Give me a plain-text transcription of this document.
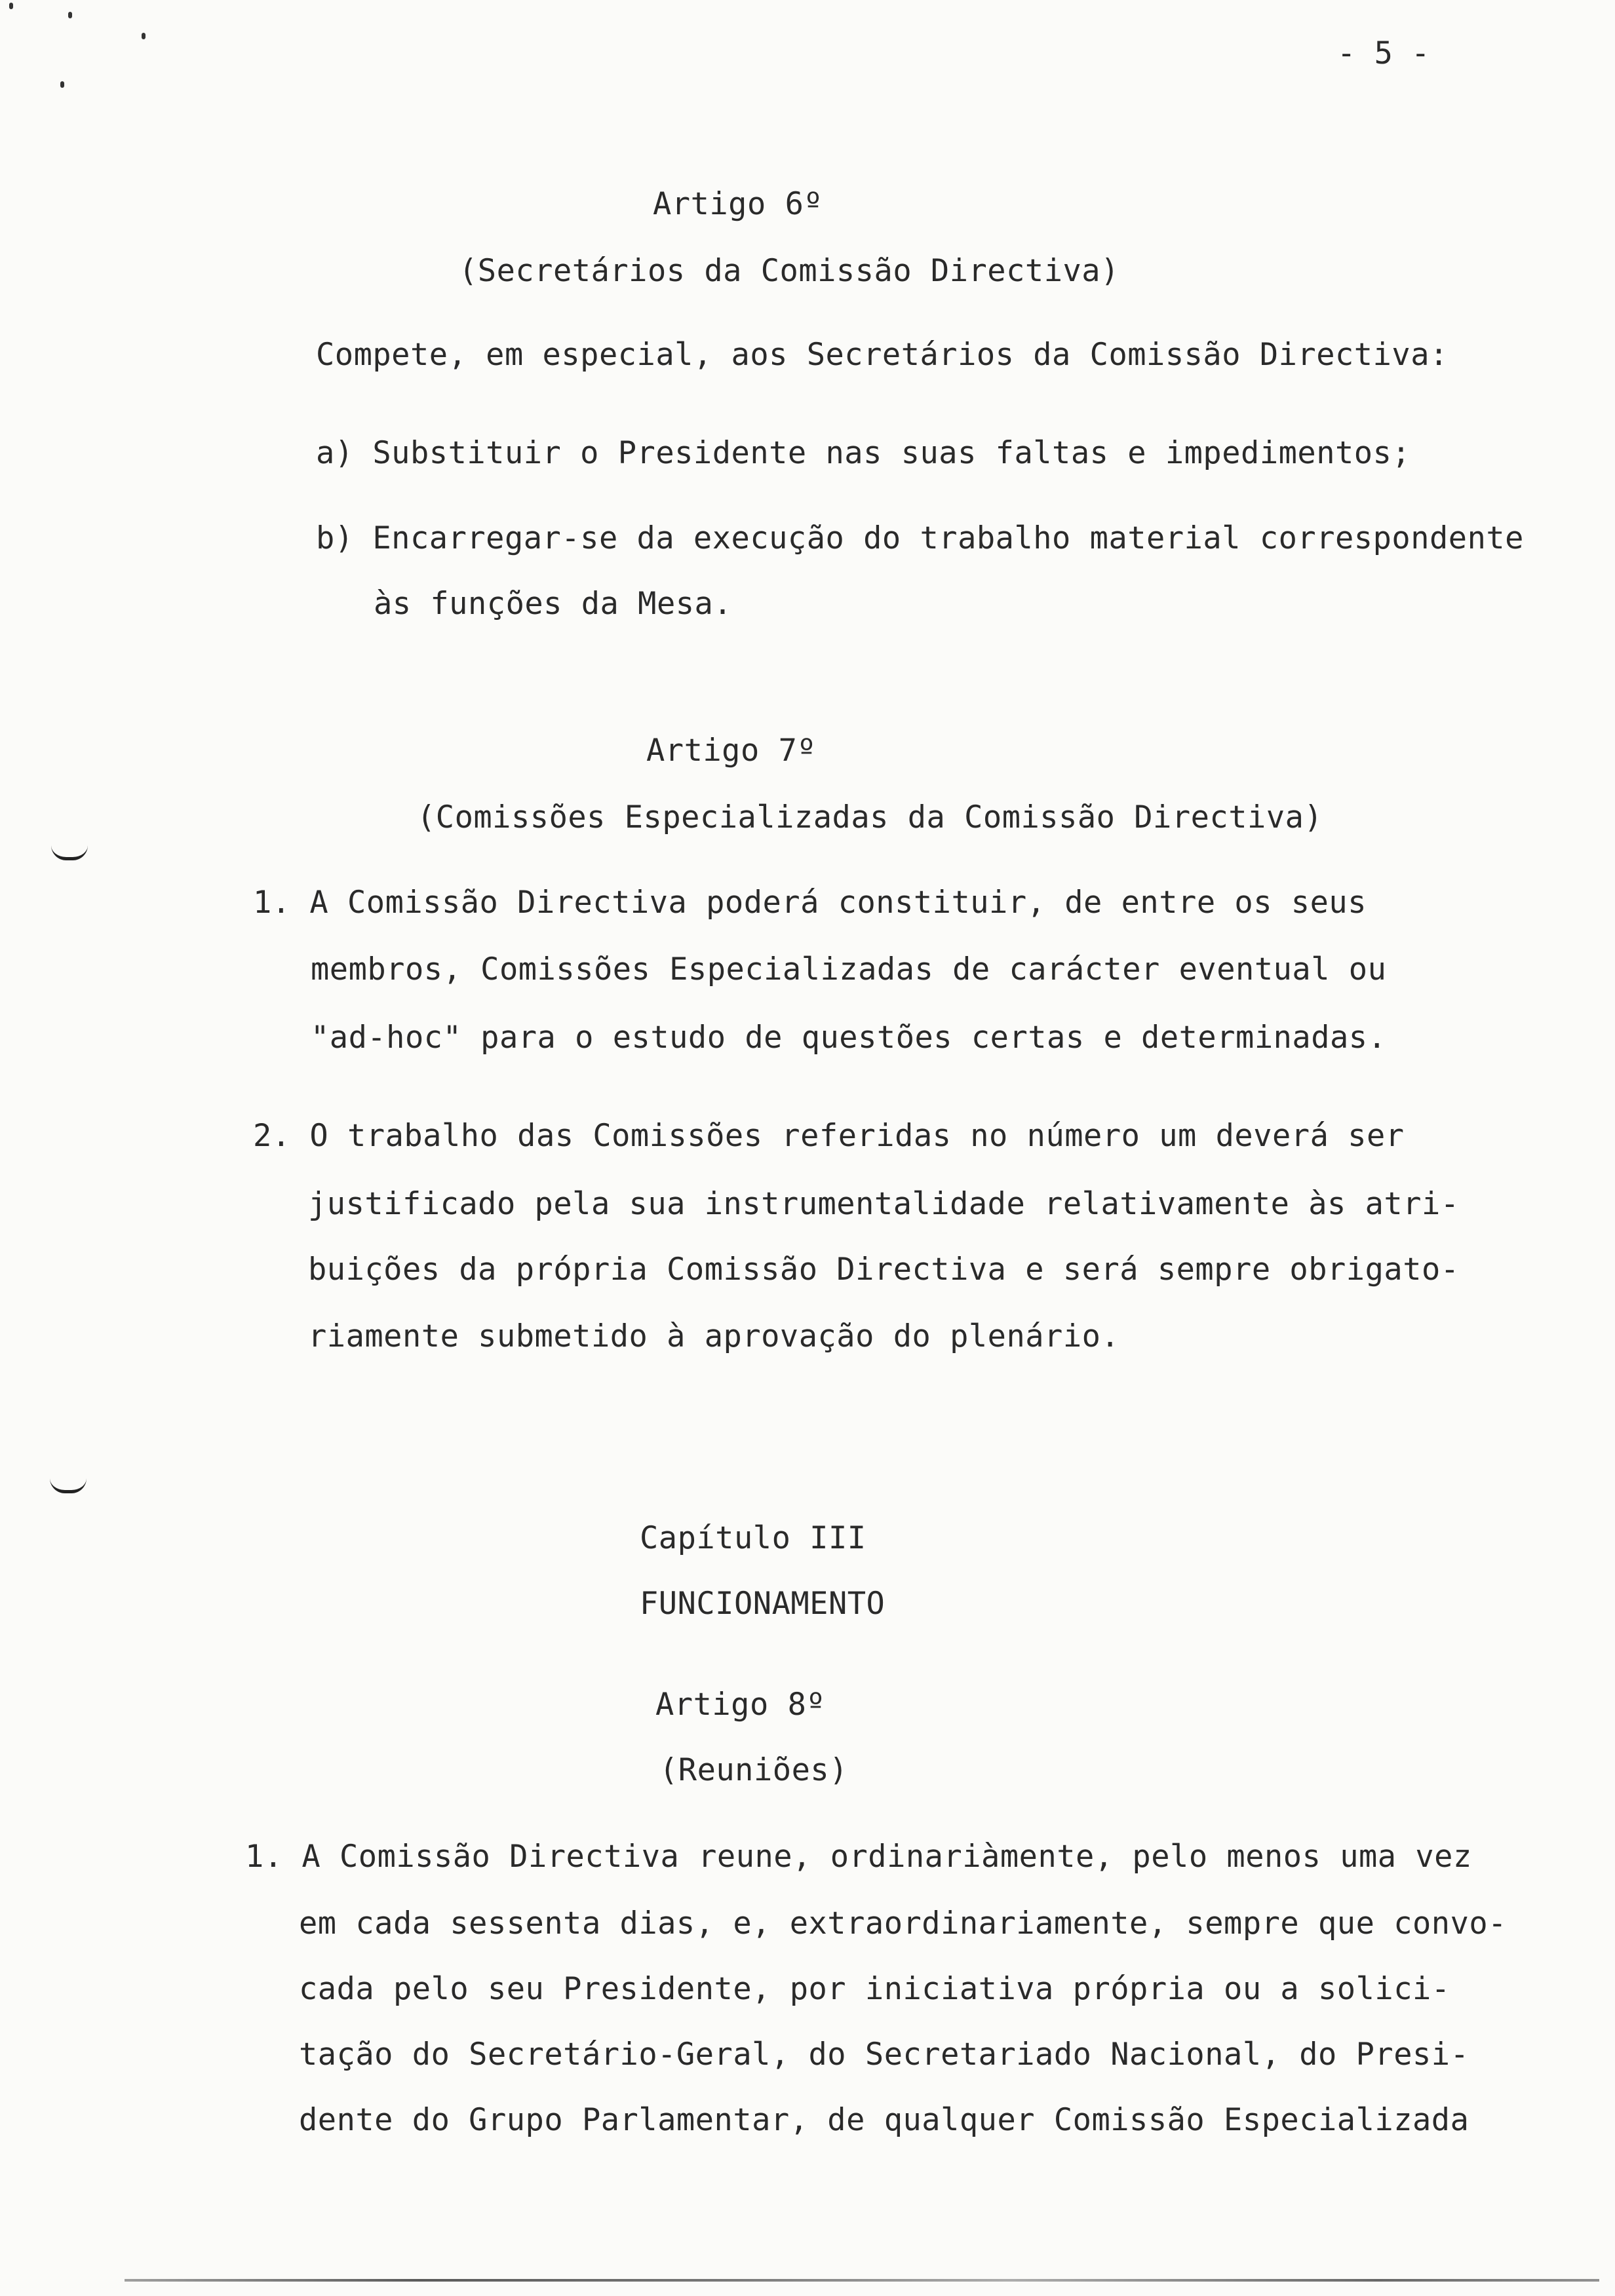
- 5 -
Artigo 6º
(Secretários da Comissão Directiva)
Compete, em especial, aos Secretários da Comissão Directiva:
a) Substituir o Presidente nas suas faltas e impedimentos;
b) Encarregar-se da execução do trabalho material correspondente
às funções da Mesa.
Artigo 7º
(Comissões Especializadas da Comissão Directiva)
1. A Comissão Directiva poderá constituir, de entre os seus
membros, Comissões Especializadas de carácter eventual ou
"ad-hoc" para o estudo de questões certas e determinadas.
2. O trabalho das Comissões referidas no número um deverá ser
justificado pela sua instrumentalidade relativamente às atri-
buições da própria Comissão Directiva e será sempre obrigato-
riamente submetido à aprovação do plenário.
Capítulo III
FUNCIONAMENTO
Artigo 8º
(Reuniões)
1. A Comissão Directiva reune, ordinariàmente, pelo menos uma vez
em cada sessenta dias, e, extraordinariamente, sempre que convo-
cada pelo seu Presidente, por iniciativa própria ou a solici-
tação do Secretário-Geral, do Secretariado Nacional, do Presi-
dente do Grupo Parlamentar, de qualquer Comissão Especializada
